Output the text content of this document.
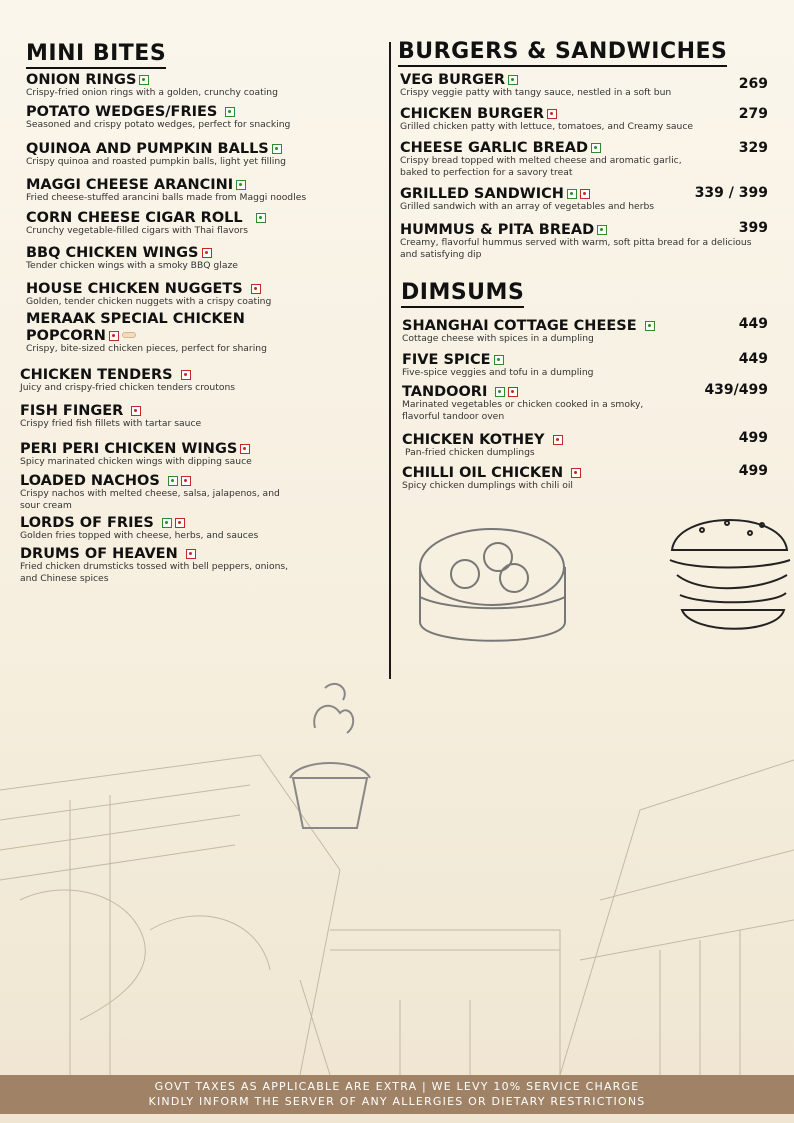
MINI BITES
ONION RINGS
Crispy-fried onion rings with a golden, crunchy coating
POTATO WEDGES/FRIES
Seasoned and crispy potato wedges, perfect for snacking
QUINOA AND PUMPKIN BALLS
Crispy quinoa and roasted pumpkin balls, light yet filling
MAGGI CHEESE ARANCINI
Fried cheese-stuffed arancini balls made from Maggi noodles
CORN CHEESE CIGAR ROLL
Crunchy vegetable-filled cigars with Thai flavors
BBQ CHICKEN WINGS
Tender chicken wings with a smoky BBQ glaze
HOUSE CHICKEN NUGGETS
Golden, tender chicken nuggets with a crispy coating
MERAAK SPECIAL CHICKEN POPCORN
Crispy, bite-sized chicken pieces, perfect for sharing
CHICKEN TENDERS
Juicy and crispy-fried chicken tenders croutons
FISH FINGER
Crispy fried fish fillets with tartar sauce
PERI PERI CHICKEN WINGS
Spicy marinated chicken wings with dipping sauce
LOADED NACHOS
Crispy nachos with melted cheese, salsa, jalapenos, and sour cream
LORDS OF FRIES
Golden fries topped with cheese, herbs, and sauces
DRUMS OF HEAVEN
Fried chicken drumsticks tossed with bell peppers, onions, and Chinese spices
BURGERS & SANDWICHES
VEG BURGER
Crispy veggie patty with tangy sauce, nestled in a soft bun
269
CHICKEN BURGER
Grilled chicken patty with lettuce, tomatoes, and Creamy sauce
279
CHEESE GARLIC BREAD
Crispy bread topped with melted cheese and aromatic garlic, baked to perfection for a savory treat
329
GRILLED SANDWICH
Grilled sandwich with an array of vegetables and herbs
339 / 399
HUMMUS & PITA BREAD
Creamy, flavorful hummus served with warm, soft pitta bread for a delicious and satisfying dip
399
DIMSUMS
SHANGHAI COTTAGE CHEESE
Cottage cheese with spices in a dumpling
449
FIVE SPICE
Five-spice veggies and tofu in a dumpling
449
TANDOORI
Marinated vegetables or chicken cooked in a smoky, flavorful tandoor oven
439/499
CHICKEN KOTHEY
Pan-fried chicken dumplings
499
CHILLI OIL CHICKEN
Spicy chicken dumplings with chili oil
499
GOVT TAXES AS APPLICABLE ARE EXTRA | WE LEVY 10% SERVICE CHARGE
KINDLY INFORM THE SERVER OF ANY ALLERGIES OR DIETARY RESTRICTIONS
